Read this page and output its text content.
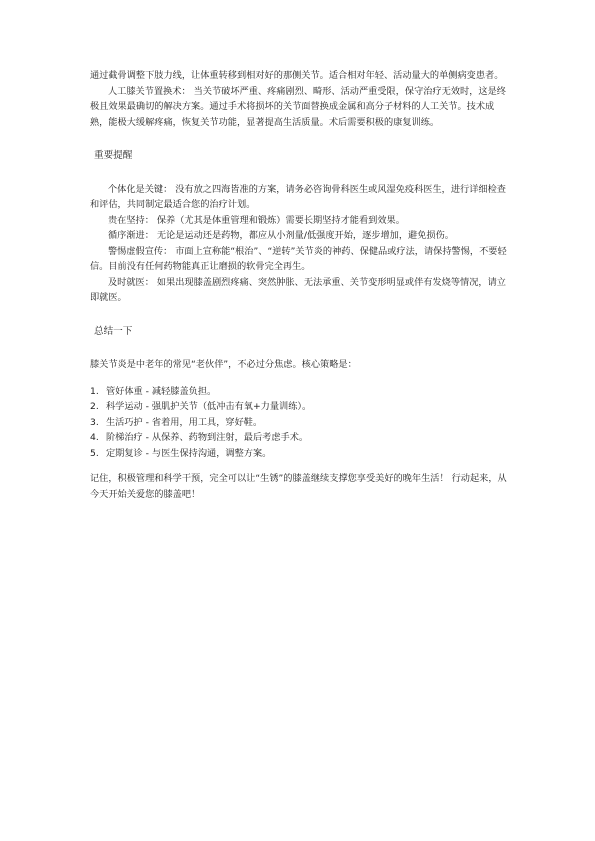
通过截骨调整下肢力线，让体重转移到相对好的那侧关节。适合相对年轻、活动量大的单侧病变患者。

人工膝关节置换术： 当关节破坏严重、疼痛剧烈、畸形、活动严重受限，保守治疗无效时，这是终极且效果最确切的解决方案。通过手术将损坏的关节面替换成金属和高分子材料的人工关节。技术成熟，能极大缓解疼痛，恢复关节功能，显著提高生活质量。术后需要积极的康复训练。

重要提醒

个体化是关键： 没有放之四海皆准的方案，请务必咨询骨科医生或风湿免疫科医生，进行详细检查和评估，共同制定最适合您的治疗计划。

贵在坚持： 保养（尤其是体重管理和锻炼）需要长期坚持才能看到效果。

循序渐进： 无论是运动还是药物，都应从小剂量/低强度开始，逐步增加，避免损伤。

警惕虚假宣传： 市面上宣称能“根治”、“逆转”关节炎的神药、保健品或疗法，请保持警惕，不要轻信。目前没有任何药物能真正让磨损的软骨完全再生。

及时就医： 如果出现膝盖剧烈疼痛、突然肿胀、无法承重、关节变形明显或伴有发烧等情况，请立即就医。

总结一下

膝关节炎是中老年的常见“老伙伴”，不必过分焦虑。核心策略是：

1. 管好体重 - 减轻膝盖负担。
2. 科学运动 - 强肌护关节（低冲击有氧+力量训练）。
3. 生活巧护 - 省着用，用工具，穿好鞋。
4. 阶梯治疗 - 从保养、药物到注射，最后考虑手术。
5. 定期复诊 - 与医生保持沟通，调整方案。

记住，积极管理和科学干预，完全可以让“生锈”的膝盖继续支撑您享受美好的晚年生活！ 行动起来，从今天开始关爱您的膝盖吧！
